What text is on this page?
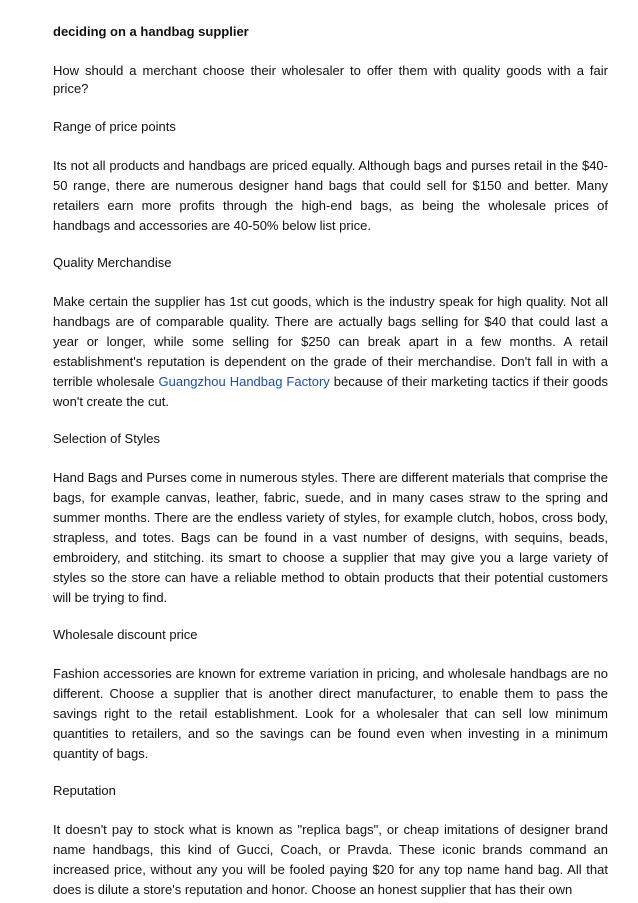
deciding on a handbag supplier

How should a merchant choose their wholesaler to offer them with quality goods with a fair price?

Range of price points

Its not all products and handbags are priced equally. Although bags and purses retail in the $40-50 range, there are numerous designer hand bags that could sell for $150 and better. Many retailers earn more profits through the high-end bags, as being the wholesale prices of handbags and accessories are 40-50% below list price.

Quality Merchandise

Make certain the supplier has 1st cut goods, which is the industry speak for high quality. Not all handbags are of comparable quality. There are actually bags selling for $40 that could last a year or longer, while some selling for $250 can break apart in a few months. A retail establishment's reputation is dependent on the grade of their merchandise. Don't fall in with a terrible wholesale Guangzhou Handbag Factory because of their marketing tactics if their goods won't create the cut.

Selection of Styles

Hand Bags and Purses come in numerous styles. There are different materials that comprise the bags, for example canvas, leather, fabric, suede, and in many cases straw to the spring and summer months. There are the endless variety of styles, for example clutch, hobos, cross body, strapless, and totes. Bags can be found in a vast number of designs, with sequins, beads, embroidery, and stitching. its smart to choose a supplier that may give you a large variety of styles so the store can have a reliable method to obtain products that their potential customers will be trying to find.

Wholesale discount price

Fashion accessories are known for extreme variation in pricing, and wholesale handbags are no different. Choose a supplier that is another direct manufacturer, to enable them to pass the savings right to the retail establishment. Look for a wholesaler that can sell low minimum quantities to retailers, and so the savings can be found even when investing in a minimum quantity of bags.

Reputation

It doesn't pay to stock what is known as "replica bags", or cheap imitations of designer brand name handbags, this kind of Gucci, Coach, or Pravda. These iconic brands command an increased price, without any you will be fooled paying $20 for any top name hand bag. All that does is dilute a store's reputation and honor. Choose an honest supplier that has their own
